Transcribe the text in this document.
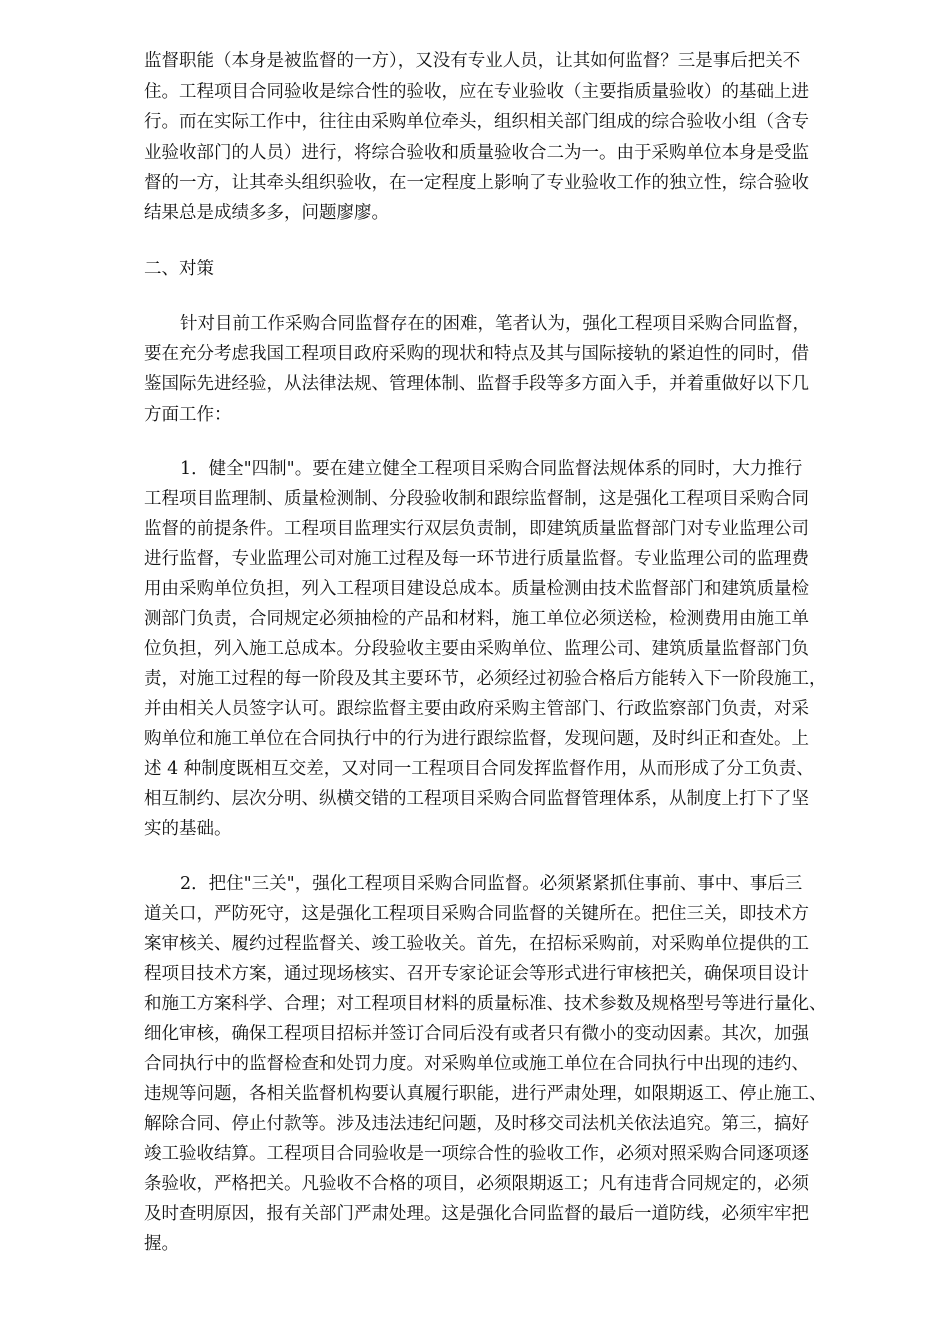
监督职能（本身是被监督的一方），又没有专业人员，让其如何监督？三是事后把关不
住。工程项目合同验收是综合性的验收，应在专业验收（主要指质量验收）的基础上进
行。而在实际工作中，往往由采购单位牵头，组织相关部门组成的综合验收小组（含专
业验收部门的人员）进行，将综合验收和质量验收合二为一。由于采购单位本身是受监
督的一方，让其牵头组织验收，在一定程度上影响了专业验收工作的独立性，综合验收
结果总是成绩多多，问题廖廖。
二、对策
针对目前工作采购合同监督存在的困难，笔者认为，强化工程项目采购合同监督，
要在充分考虑我国工程项目政府采购的现状和特点及其与国际接轨的紧迫性的同时，借
鉴国际先进经验，从法律法规、管理体制、监督手段等多方面入手，并着重做好以下几
方面工作：
1．健全"四制"。要在建立健全工程项目采购合同监督法规体系的同时，大力推行
工程项目监理制、质量检测制、分段验收制和跟综监督制，这是强化工程项目采购合同
监督的前提条件。工程项目监理实行双层负责制，即建筑质量监督部门对专业监理公司
进行监督，专业监理公司对施工过程及每一环节进行质量监督。专业监理公司的监理费
用由采购单位负担，列入工程项目建设总成本。质量检测由技术监督部门和建筑质量检
测部门负责，合同规定必须抽检的产品和材料，施工单位必须送检，检测费用由施工单
位负担，列入施工总成本。分段验收主要由采购单位、监理公司、建筑质量监督部门负
责，对施工过程的每一阶段及其主要环节，必须经过初验合格后方能转入下一阶段施工，
并由相关人员签字认可。跟综监督主要由政府采购主管部门、行政监察部门负责，对采
购单位和施工单位在合同执行中的行为进行跟综监督，发现问题，及时纠正和查处。上
述 4 种制度既相互交差，又对同一工程项目合同发挥监督作用，从而形成了分工负责、
相互制约、层次分明、纵横交错的工程项目采购合同监督管理体系，从制度上打下了坚
实的基础。
2．把住"三关"，强化工程项目采购合同监督。必须紧紧抓住事前、事中、事后三
道关口，严防死守，这是强化工程项目采购合同监督的关键所在。把住三关，即技术方
案审核关、履约过程监督关、竣工验收关。首先，在招标采购前，对采购单位提供的工
程项目技术方案，通过现场核实、召开专家论证会等形式进行审核把关，确保项目设计
和施工方案科学、合理；对工程项目材料的质量标准、技术参数及规格型号等进行量化、
细化审核，确保工程项目招标并签订合同后没有或者只有微小的变动因素。其次，加强
合同执行中的监督检查和处罚力度。对采购单位或施工单位在合同执行中出现的违约、
违规等问题，各相关监督机构要认真履行职能，进行严肃处理，如限期返工、停止施工、
解除合同、停止付款等。涉及违法违纪问题，及时移交司法机关依法追究。第三，搞好
竣工验收结算。工程项目合同验收是一项综合性的验收工作，必须对照采购合同逐项逐
条验收，严格把关。凡验收不合格的项目，必须限期返工；凡有违背合同规定的，必须
及时查明原因，报有关部门严肃处理。这是强化合同监督的最后一道防线，必须牢牢把
握。
